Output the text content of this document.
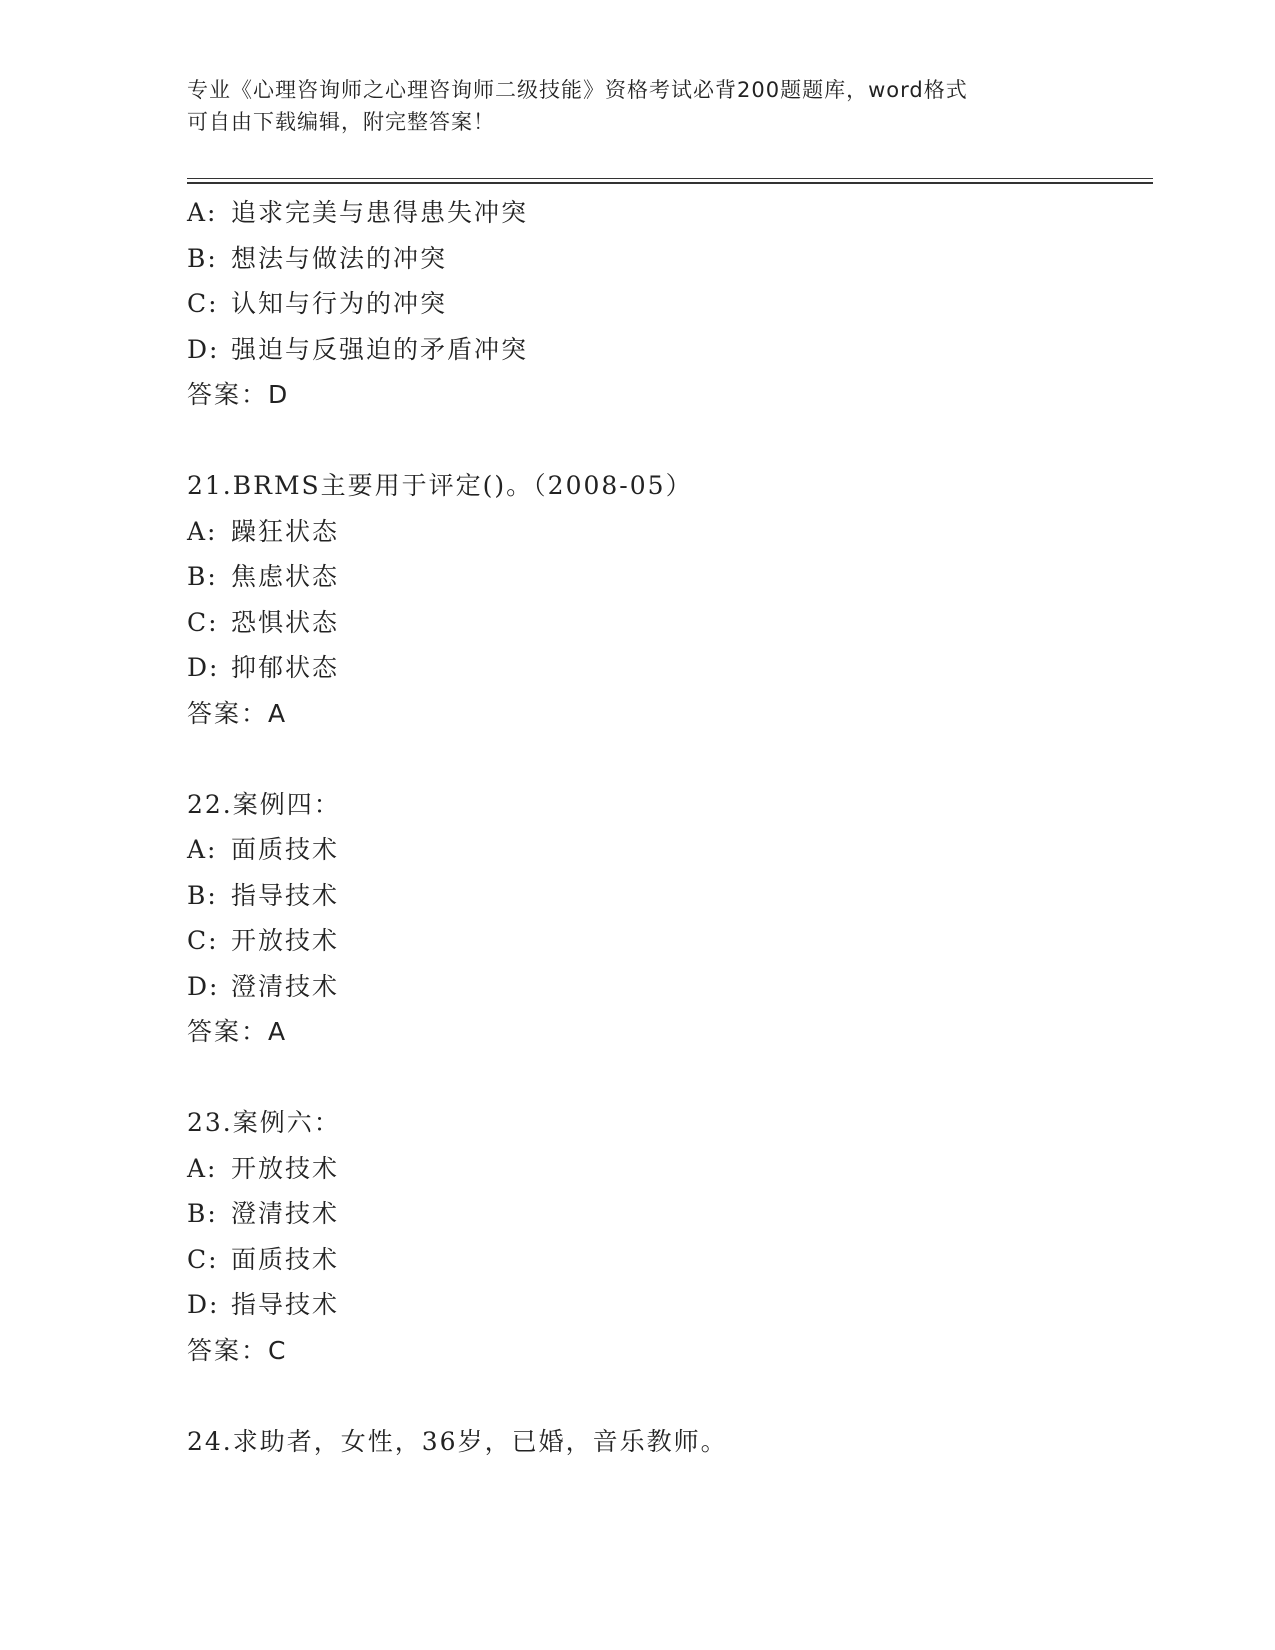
专业《心理咨询师之心理咨询师二级技能》资格考试必背200题题库，word格式
可自由下载编辑，附完整答案！
A: 追求完美与患得患失冲突
B: 想法与做法的冲突
C: 认知与行为的冲突
D: 强迫与反强迫的矛盾冲突
答案：D
21.BRMS主要用于评定()。（2008-05）
A: 躁狂状态
B: 焦虑状态
C: 恐惧状态
D: 抑郁状态
答案：A
22.案例四：
A: 面质技术
B: 指导技术
C: 开放技术
D: 澄清技术
答案：A
23.案例六：
A: 开放技术
B: 澄清技术
C: 面质技术
D: 指导技术
答案：C
24.求助者，女性，36岁，已婚，音乐教师。
